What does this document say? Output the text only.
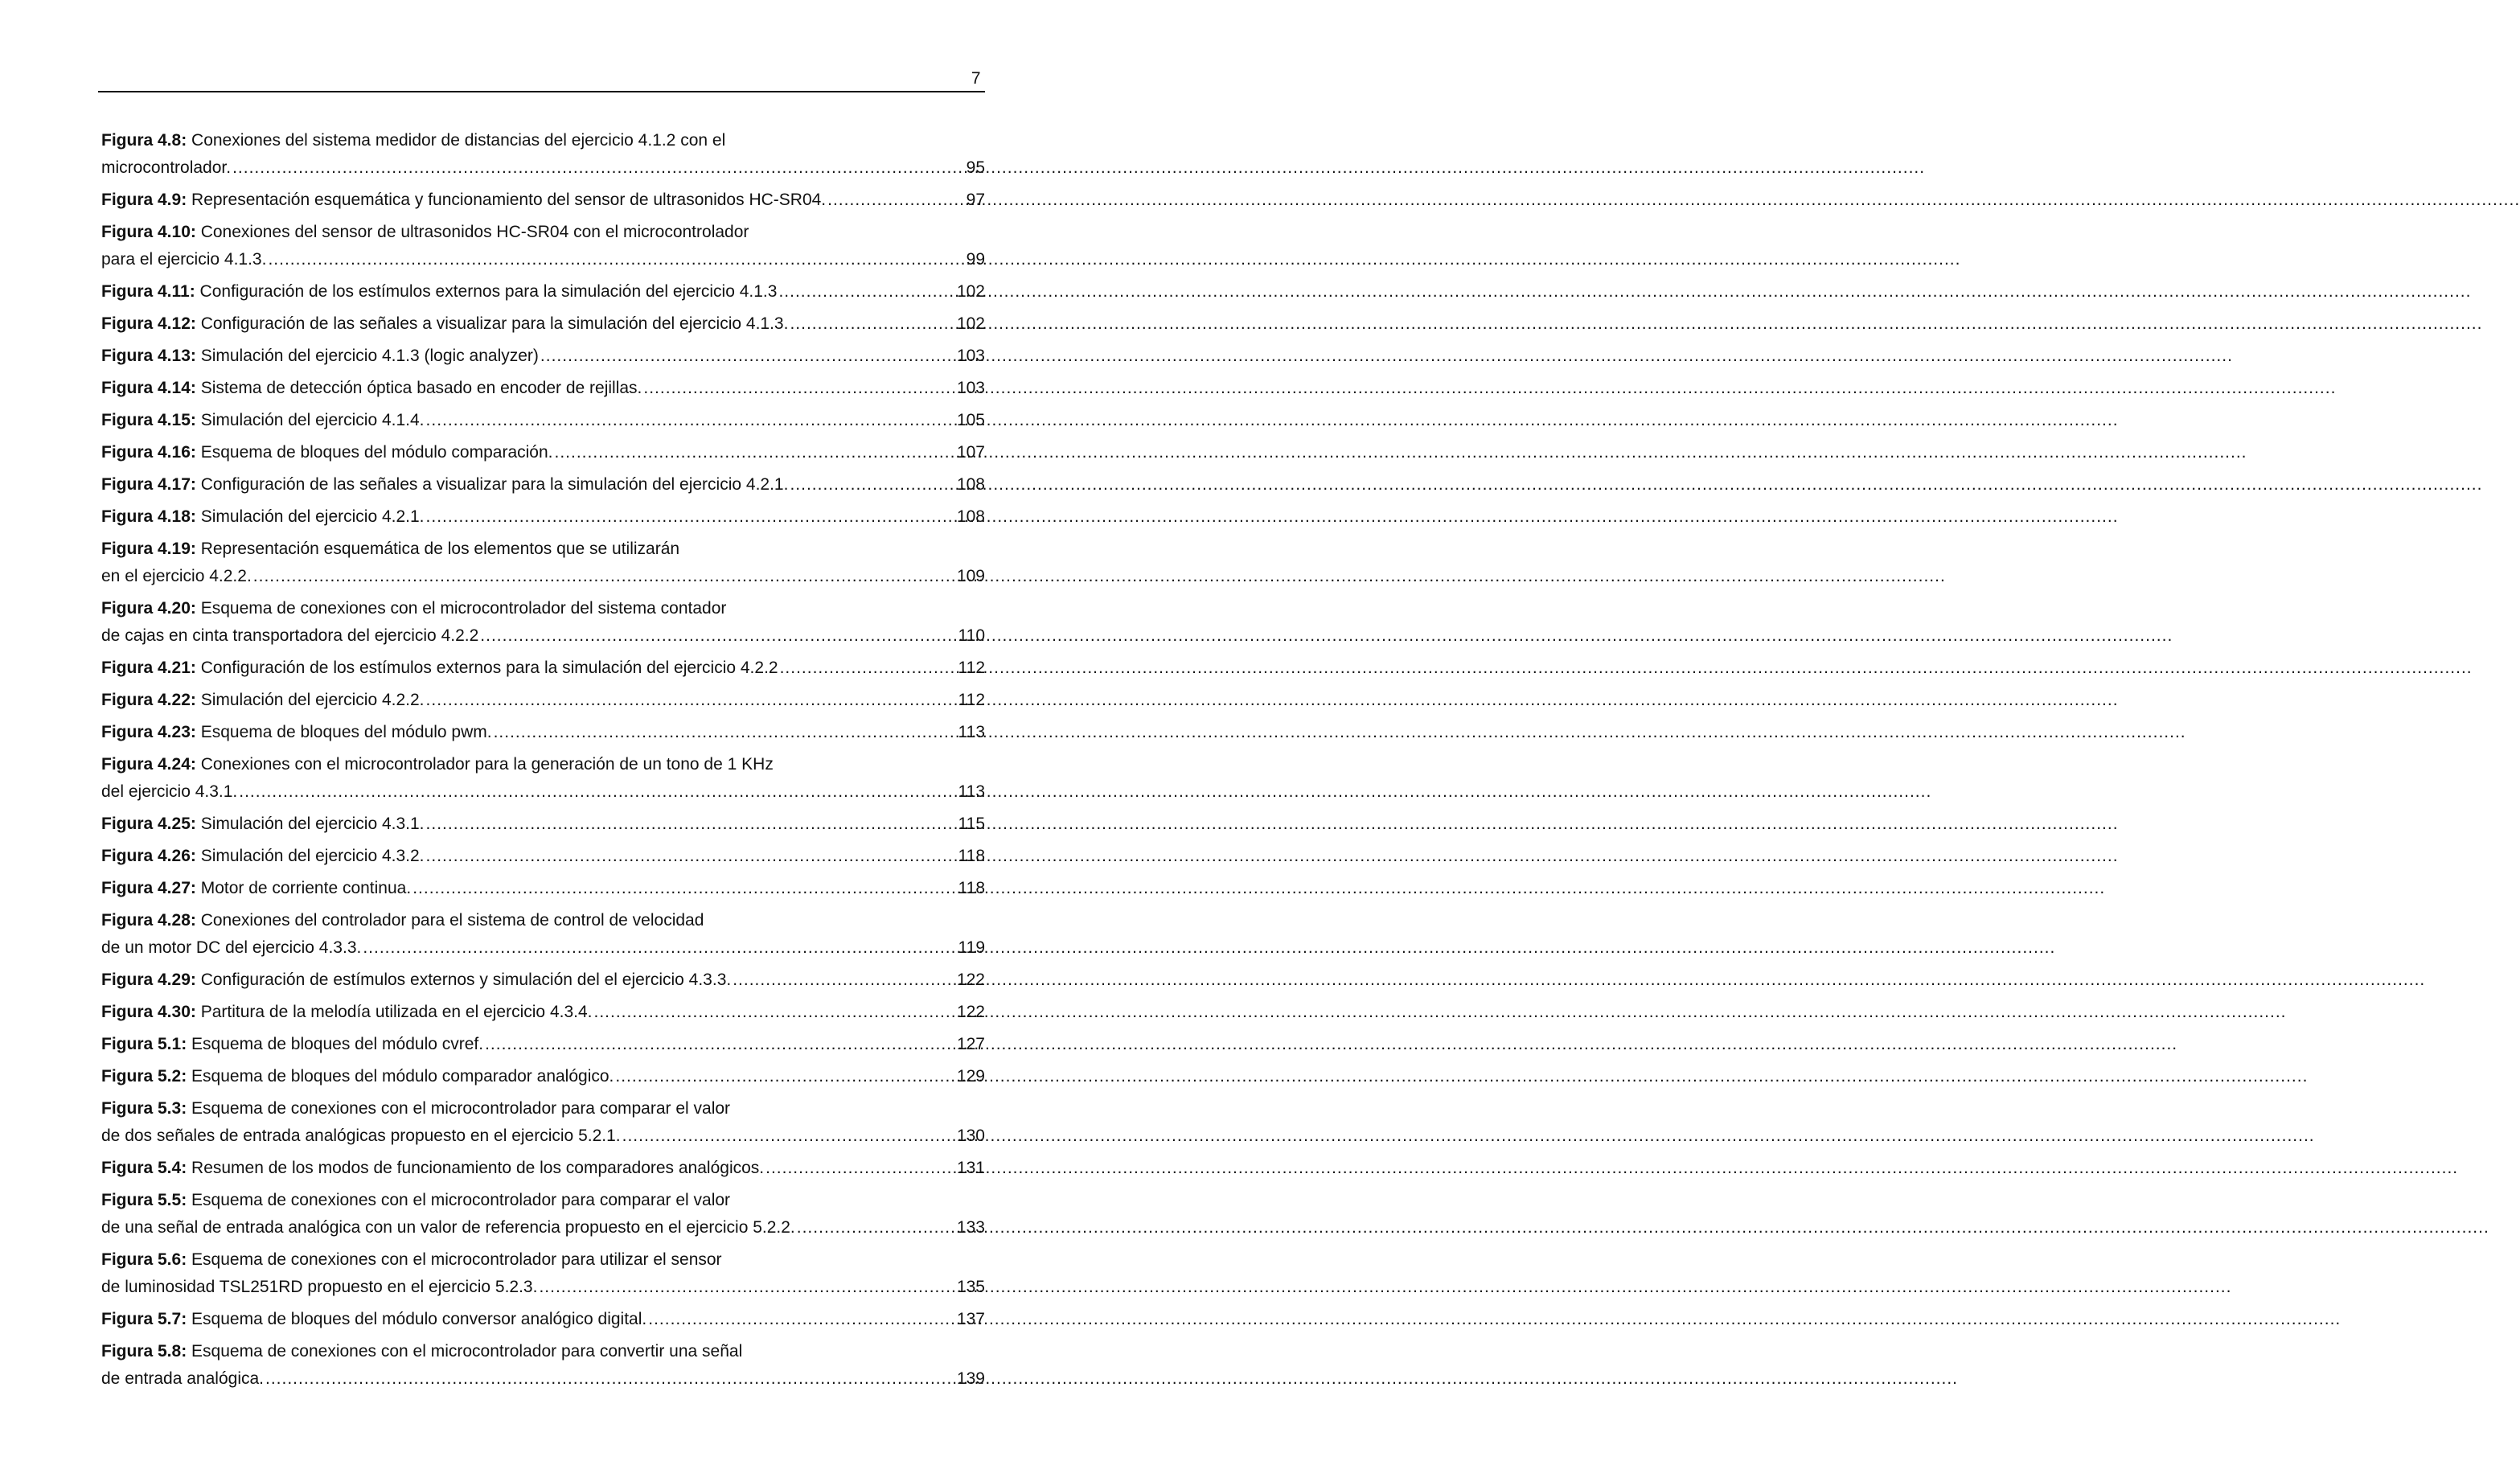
7
Figura 4.8: Conexiones del sistema medidor de distancias del ejercicio 4.1.2 con el
microcontrolador. .....	95
Figura 4.9: Representación esquemática y funcionamiento del sensor de ultrasonidos HC-SR04. .....	97
Figura 4.10: Conexiones del sensor de ultrasonidos HC-SR04 con el microcontrolador
para el ejercicio 4.1.3. .....	99
Figura 4.11: Configuración de los estímulos externos para la simulación del ejercicio 4.1.3 .....	102
Figura 4.12: Configuración de las señales a visualizar para la simulación del ejercicio 4.1.3. .....	102
Figura 4.13: Simulación del ejercicio 4.1.3 (logic analyzer) .....	103
Figura 4.14: Sistema de detección óptica basado en encoder de rejillas. .....	103
Figura 4.15: Simulación del ejercicio 4.1.4. .....	105
Figura 4.16: Esquema de bloques del módulo comparación. .....	107
Figura 4.17: Configuración de las señales a visualizar para la simulación del ejercicio 4.2.1. .....	108
Figura 4.18: Simulación del ejercicio 4.2.1. .....	108
Figura 4.19: Representación esquemática de los elementos que se utilizarán
en el ejercicio 4.2.2. .....	109
Figura 4.20: Esquema de conexiones con el microcontrolador del sistema contador
de cajas en cinta transportadora del ejercicio 4.2.2 .....	110
Figura 4.21: Configuración de los estímulos externos para la simulación del ejercicio 4.2.2 .....	112
Figura 4.22: Simulación del ejercicio 4.2.2. .....	112
Figura 4.23: Esquema de bloques del módulo pwm. .....	113
Figura 4.24: Conexiones con el microcontrolador para la generación de un tono de 1 KHz
del ejercicio 4.3.1. .....	113
Figura 4.25: Simulación del ejercicio 4.3.1. .....	115
Figura 4.26: Simulación del ejercicio 4.3.2. .....	118
Figura 4.27: Motor de corriente continua. .....	118
Figura 4.28: Conexiones del controlador para el sistema de control de velocidad
de un motor DC del ejercicio 4.3.3. .....	119
Figura 4.29: Configuración de estímulos externos y simulación del el ejercicio 4.3.3. .....	122
Figura 4.30: Partitura de la melodía utilizada en el ejercicio 4.3.4. .....	122
Figura 5.1: Esquema de bloques del módulo cvref. .....	127
Figura 5.2: Esquema de bloques del módulo comparador analógico. .....	129
Figura 5.3: Esquema de conexiones con el microcontrolador para comparar el valor
de dos señales de entrada analógicas propuesto en el ejercicio 5.2.1. .....	130
Figura 5.4: Resumen de los modos de funcionamiento de los comparadores analógicos. .....	131
Figura 5.5: Esquema de conexiones con el microcontrolador para comparar el valor
de una señal de entrada analógica con un valor de referencia propuesto en el ejercicio 5.2.2. .....	133
Figura 5.6: Esquema de conexiones con el microcontrolador para utilizar el sensor
de luminosidad TSL251RD propuesto en el ejercicio 5.2.3. .....	135
Figura 5.7: Esquema de bloques del módulo conversor analógico digital. .....	137
Figura 5.8: Esquema de conexiones con el microcontrolador para convertir una señal
de entrada analógica. .....	139
